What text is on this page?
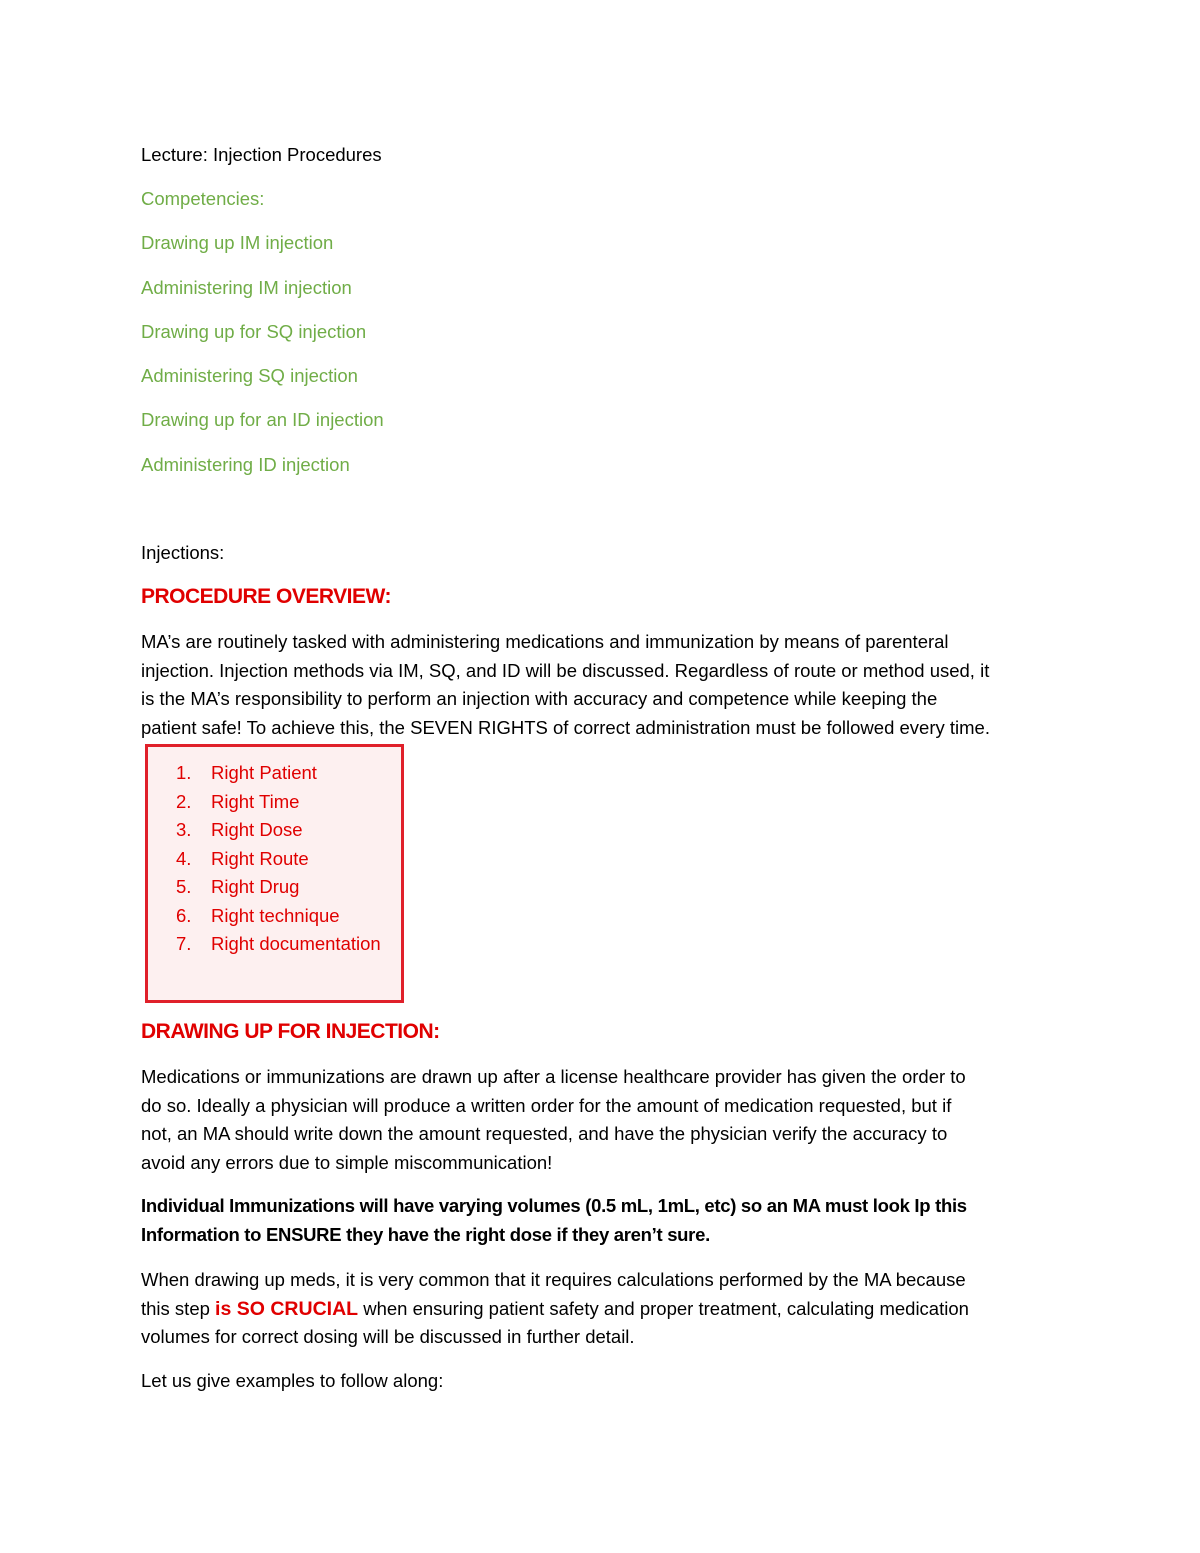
Lecture: Injection Procedures
Competencies:
Drawing up IM injection
Administering IM injection
Drawing up for SQ injection
Administering SQ injection
Drawing up for an ID injection
Administering ID injection
Injections:
PROCEDURE OVERVIEW:
MA’s are routinely tasked with administering medications and immunization by means of parenteral
injection. Injection methods via IM, SQ, and ID will be discussed. Regardless of route or method used, it
is the MA’s responsibility to perform an injection with accuracy and competence while keeping the
patient safe! To achieve this, the SEVEN RIGHTS of correct administration must be followed every time.
1. Right Patient
2. Right Time
3. Right Dose
4. Right Route
5. Right Drug
6. Right technique
7. Right documentation
DRAWING UP FOR INJECTION:
Medications or immunizations are drawn up after a license healthcare provider has given the order to
do so. Ideally a physician will produce a written order for the amount of medication requested, but if
not, an MA should write down the amount requested, and have the physician verify the accuracy to
avoid any errors due to simple miscommunication!
Individual Immunizations will have varying volumes (0.5 mL, 1mL, etc) so an MA must look Ip this
Information to ENSURE they have the right dose if they aren’t sure.
When drawing up meds, it is very common that it requires calculations performed by the MA because
this step is SO CRUCIAL when ensuring patient safety and proper treatment, calculating medication
volumes for correct dosing will be discussed in further detail.
Let us give examples to follow along:
